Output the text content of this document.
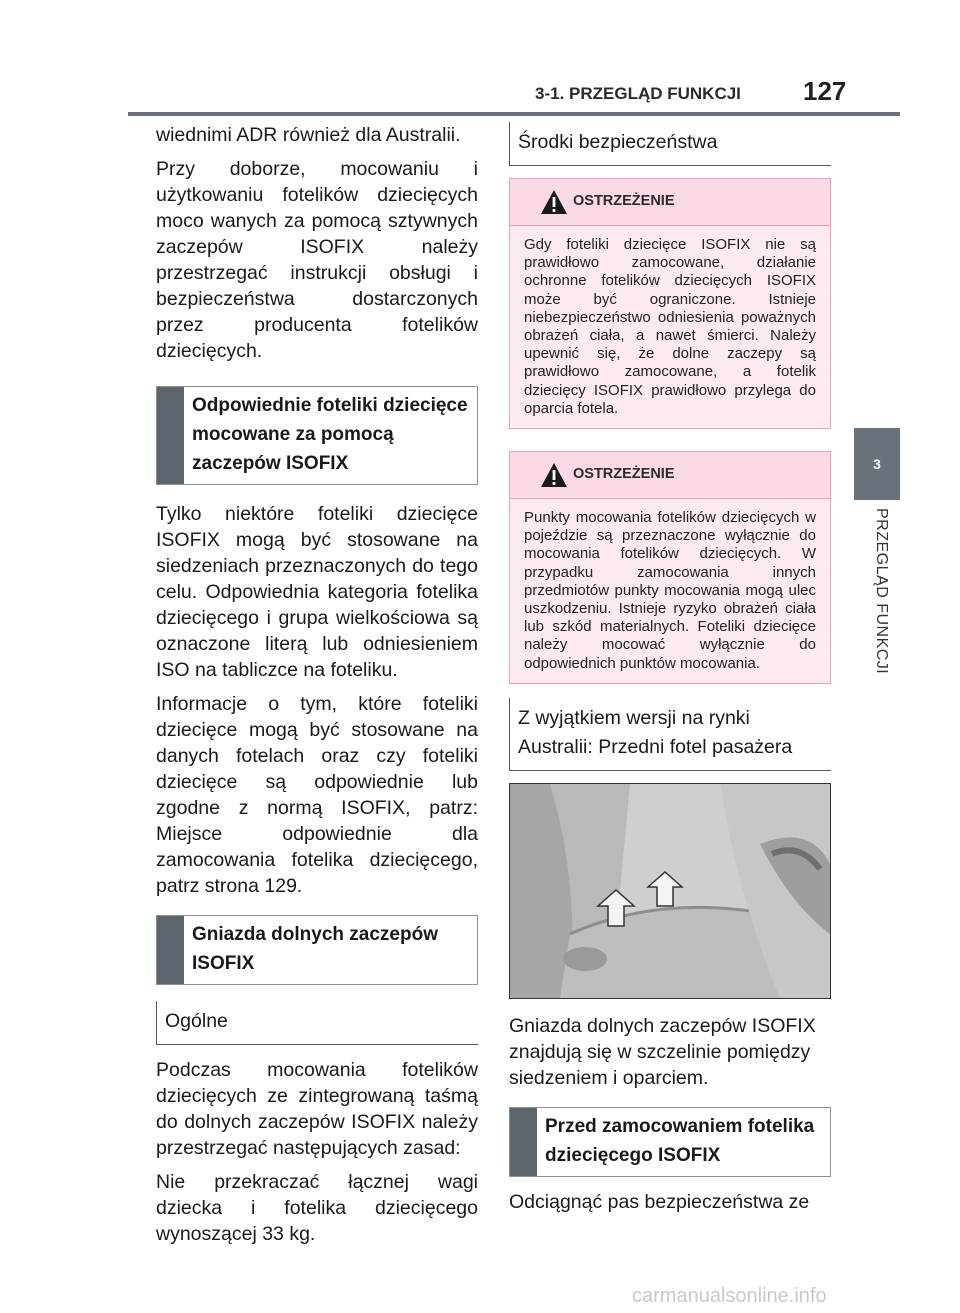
3-1. PRZEGLĄD FUNKCJI 127
3
PRZEGLĄD FUNKCJI

wiednimi ADR również dla Australii.

Przy doborze, mocowaniu i użytkowaniu fotelików dziecięcych moco wanych za pomocą sztywnych zaczepów ISOFIX należy przestrzegać instrukcji obsługi i bezpieczeństwa dostarczonych przez producenta fotelików dziecięcych.

Odpowiednie foteliki dziecięce mocowane za pomocą zaczepów ISOFIX

Tylko niektóre foteliki dziecięce ISOFIX mogą być stosowane na siedzeniach przeznaczonych do tego celu. Odpowiednia kategoria fotelika dziecięcego i grupa wielkościowa są oznaczone literą lub odniesieniem ISO na tabliczce na foteliku.

Informacje o tym, które foteliki dziecięce mogą być stosowane na danych fotelach oraz czy foteliki dziecięce są odpowiednie lub zgodne z normą ISOFIX, patrz: Miejsce odpowiednie dla zamocowania fotelika dziecięcego, patrz strona 129.

Gniazda dolnych zaczepów ISOFIX
Ogólne

Podczas mocowania fotelików dziecięcych ze zintegrowaną taśmą do dolnych zaczepów ISOFIX należy przestrzegać następujących zasad:

Nie przekraczać łącznej wagi dziecka i fotelika dziecięcego wynoszącej 33 kg.

Środki bezpieczeństwa
OSTRZEŻENIE
Gdy foteliki dziecięce ISOFIX nie są prawidłowo zamocowane, działanie ochronne fotelików dziecięcych ISOFIX może być ograniczone. Istnieje niebezpieczeństwo odniesienia poważnych obrażeń ciała, a nawet śmierci. Należy upewnić się, że dolne zaczepy są prawidłowo zamocowane, a fotelik dziecięcy ISOFIX prawidłowo przylega do oparcia fotela.
OSTRZEŻENIE
Punkty mocowania fotelików dziecięcych w pojeździe są przeznaczone wyłącznie do mocowania fotelików dziecięcych. W przypadku zamocowania innych przedmiotów punkty mocowania mogą ulec uszkodzeniu. Istnieje ryzyko obrażeń ciała lub szkód materialnych. Foteliki dziecięce należy mocować wyłącznie do odpowiednich punktów mocowania.
Z wyjątkiem wersji na rynki Australii: Przedni fotel pasażera

Gniazda dolnych zaczepów ISOFIX znajdują się w szczelinie pomiędzy siedzeniem i oparciem.

Przed zamocowaniem fotelika dziecięcego ISOFIX

Odciągnąć pas bezpieczeństwa ze

carmanualsonline.info
